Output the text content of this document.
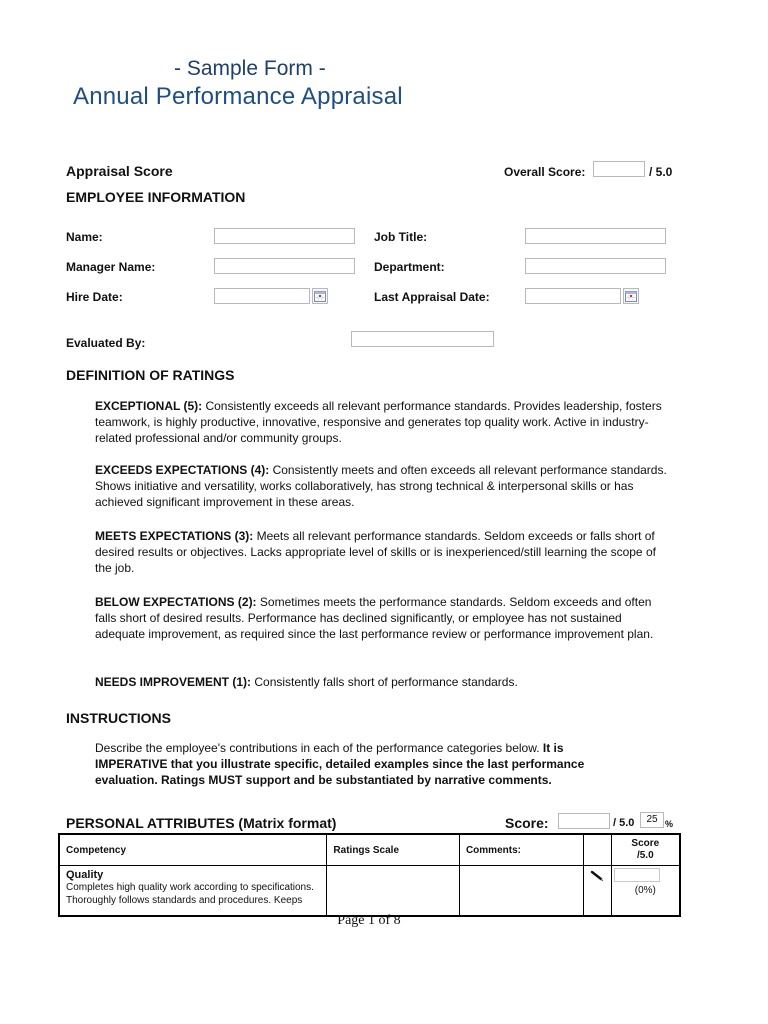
- Sample Form -
Annual Performance Appraisal
Appraisal Score	Overall Score:	/ 5.0
EMPLOYEE INFORMATION
Name:	Job Title:
Manager Name:	Department:
Hire Date:	Last Appraisal Date:
Evaluated By:
DEFINITION OF RATINGS
EXCEPTIONAL (5): Consistently exceeds all relevant performance standards. Provides leadership, fosters teamwork, is highly productive, innovative, responsive and generates top quality work. Active in industry-related professional and/or community groups.
EXCEEDS EXPECTATIONS (4): Consistently meets and often exceeds all relevant performance standards. Shows initiative and versatility, works collaboratively, has strong technical & interpersonal skills or has achieved significant improvement in these areas.
MEETS EXPECTATIONS (3): Meets all relevant performance standards. Seldom exceeds or falls short of desired results or objectives. Lacks appropriate level of skills or is inexperienced/still learning the scope of the job.
BELOW EXPECTATIONS (2): Sometimes meets the performance standards. Seldom exceeds and often falls short of desired results. Performance has declined significantly, or employee has not sustained adequate improvement, as required since the last performance review or performance improvement plan.
NEEDS IMPROVEMENT (1): Consistently falls short of performance standards.
INSTRUCTIONS
Describe the employee's contributions in each of the performance categories below. It is IMPERATIVE that you illustrate specific, detailed examples since the last performance evaluation. Ratings MUST support and be substantiated by narrative comments.
PERSONAL ATTRIBUTES (Matrix format)	Score:	/ 5.0	25 %
Competency	Ratings Scale	Comments:		Score
/5.0

Quality
Completes high quality work according to specifications. Thoroughly follows standards and procedures. Keeps				(0%)
Page 1 of 8
